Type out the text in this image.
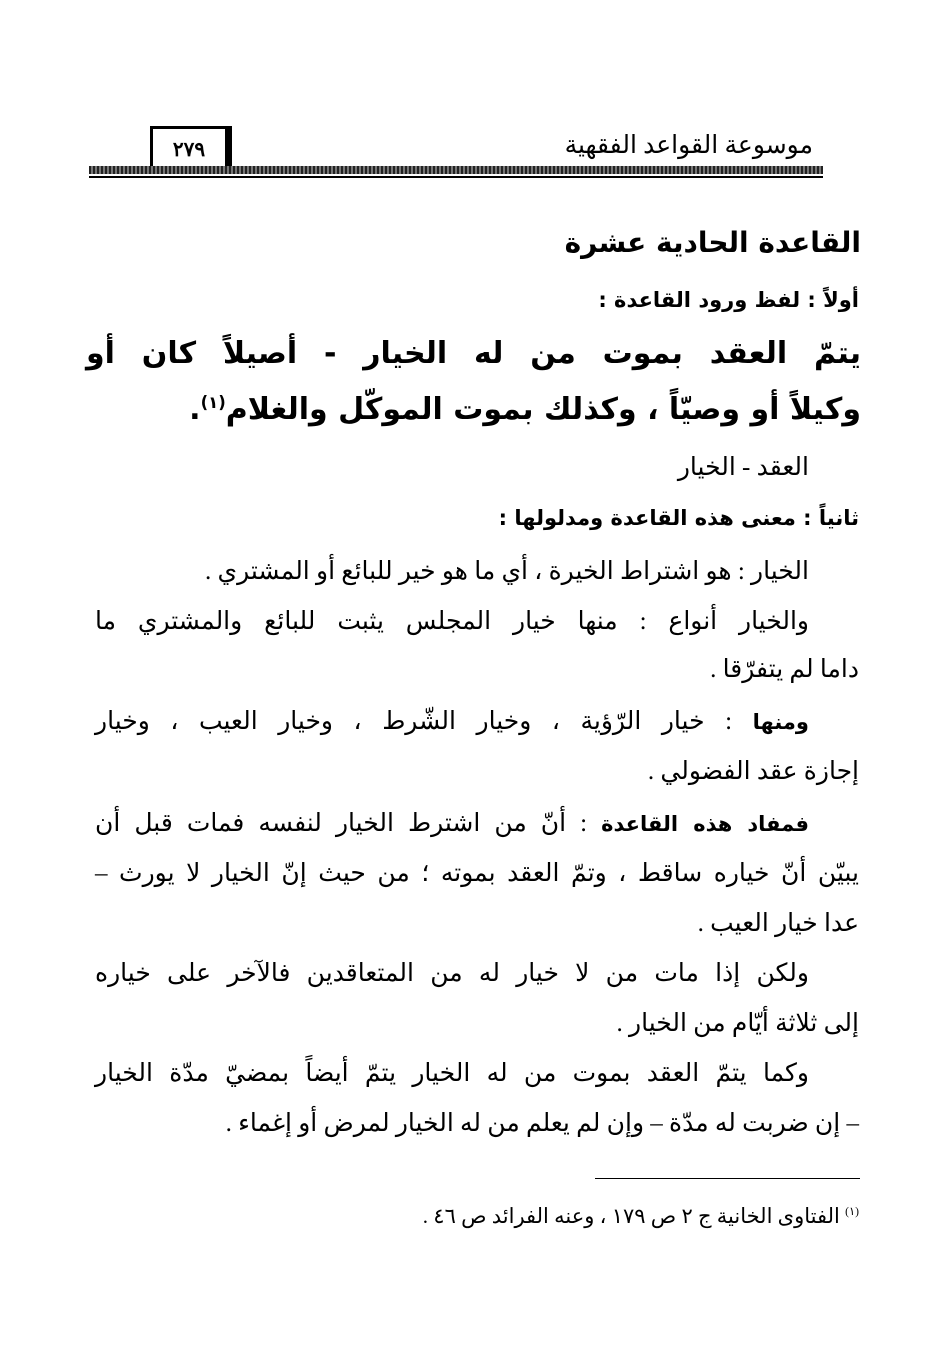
موسوعة القواعد الفقهية
٢٧٩
القاعدة الحادية عشرة
أولاً : لفظ ورود القاعدة :
يتمّ العقد بموت من له الخيار - أصيلاً كان أو
وكيلاً أو وصيّاً ، وكذلك بموت الموكّل والغلام$^{(١)}$.
العقد - الخيار
ثانياً : معنى هذه القاعدة ومدلولها :
الخيار : هو اشتراط الخيرة ، أي ما هو خير للبائع أو المشتري .
والخيار أنواع : منها خيار المجلس يثبت للبائع والمشتري ما
داما لم يتفرّقا .
ومنها : خيار الرّؤية ، وخيار الشّرط ، وخيار العيب ، وخيار
إجازة عقد الفضولي .
فمفاد هذه القاعدة : أنّ من اشترط الخيار لنفسه فمات قبل أن
يبيّن أنّ خياره ساقط ، وتمّ العقد بموته ؛ من حيث إنّ الخيار لا يورث –
عدا خيار العيب .
ولكن إذا مات من لا خيار له من المتعاقدين فالآخر على خياره
إلى ثلاثة أيّام من الخيار .
وكما يتمّ العقد بموت من له الخيار يتمّ أيضاً بمضيّ مدّة الخيار
– إن ضربت له مدّة – وإن لم يعلم من له الخيار لمرض أو إغماء .
$^{(١)}$ الفتاوى الخانية ج ٢ ص ١٧٩ ، وعنه الفرائد ص ٤٦ .
